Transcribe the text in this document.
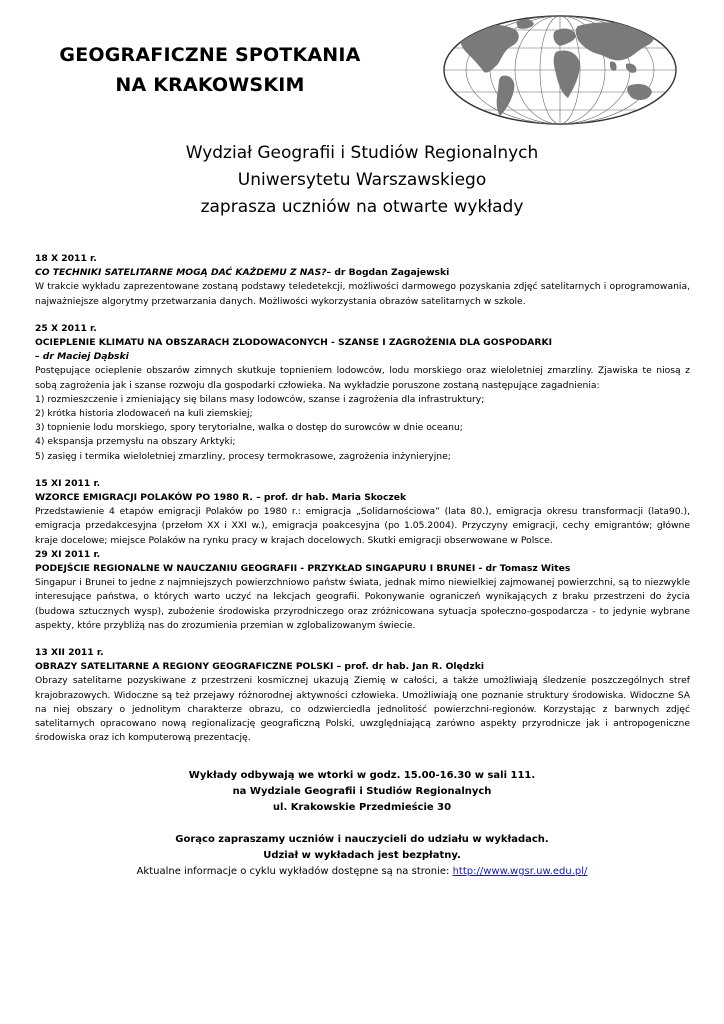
GEOGRAFICZNE SPOTKANIA
NA KRAKOWSKIM
Wydział Geografii i Studiów Regionalnych
Uniwersytetu Warszawskiego
zaprasza uczniów na otwarte wykłady
18 X 2011 r.
CO TECHNIKI SATELITARNE MOGĄ DAĆ KAŻDEMU Z NAS?– dr Bogdan Zagajewski
W trakcie wykładu zaprezentowane zostaną podstawy teledetekcji, możliwości darmowego pozyskania zdjęć satelitarnych i oprogramowania, najważniejsze algorytmy przetwarzania danych. Możliwości wykorzystania obrazów satelitarnych w szkole.
25 X 2011 r.
OCIEPLENIE KLIMATU NA OBSZARACH ZLODOWACONYCH - SZANSE I ZAGROŻENIA DLA GOSPODARKI
– dr Maciej Dąbski
Postępujące ocieplenie obszarów zimnych skutkuje topnieniem lodowców, lodu morskiego oraz wieloletniej zmarzliny. Zjawiska te niosą z sobą zagrożenia jak i szanse rozwoju dla gospodarki człowieka. Na wykładzie poruszone zostaną następujące zagadnienia:
1) rozmieszczenie i zmieniający się bilans masy lodowców, szanse i zagrożenia dla infrastruktury;
2) krótka historia zlodowaceń na kuli ziemskiej;
3) topnienie lodu morskiego, spory terytorialne, walka o dostęp do surowców w dnie oceanu;
4) ekspansja przemysłu na obszary Arktyki;
5) zasięg i termika wieloletniej zmarzliny, procesy termokrasowe, zagrożenia inżynieryjne;
15 XI 2011 r.
WZORCE EMIGRACJI POLAKÓW PO 1980 R. – prof. dr hab. Maria Skoczek
Przedstawienie 4 etapów emigracji Polaków po 1980 r.: emigracja „Solidarnościowa” (lata 80.), emigracja okresu transformacji (lata90.), emigracja przedakcesyjna (przełom XX i XXI w.), emigracja poakcesyjna (po 1.05.2004). Przyczyny emigracji, cechy emigrantów; główne kraje docelowe; miejsce Polaków na rynku pracy w krajach docelowych. Skutki emigracji obserwowane w Polsce.
29 XI 2011 r.
PODEJŚCIE REGIONALNE W NAUCZANIU GEOGRAFII - PRZYKŁAD SINGAPURU I BRUNEI - dr Tomasz Wites
Singapur i Brunei to jedne z najmniejszych powierzchniowo państw świata, jednak mimo niewielkiej zajmowanej powierzchni, są to niezwykle interesujące państwa, o których warto uczyć na lekcjach geografii. Pokonywanie ograniczeń wynikających z braku przestrzeni do życia (budowa sztucznych wysp), zubożenie środowiska przyrodniczego oraz zróżnicowana sytuacja społeczno-gospodarcza - to jedynie wybrane aspekty, które przybliżą nas do zrozumienia przemian w zglobalizowanym świecie.
13 XII 2011 r.
OBRAZY SATELITARNE A REGIONY GEOGRAFICZNE POLSKI – prof. dr hab. Jan R. Olędzki
Obrazy satelitarne pozyskiwane z przestrzeni kosmicznej ukazują Ziemię w całości, a także umożliwiają śledzenie poszczególnych stref krajobrazowych. Widoczne są też przejawy różnorodnej aktywności człowieka. Umożliwiają one poznanie struktury środowiska. Widoczne SA na niej obszary o jednolitym charakterze obrazu, co odzwierciedla jednolitość powierzchni-regionów. Korzystając z barwnych zdjęć satelitarnych opracowano nową regionalizację geograficzną Polski, uwzględniającą zarówno aspekty przyrodnicze jak i antropogeniczne środowiska oraz ich komputerową prezentację.
Wykłady odbywają we wtorki w godz. 15.00-16.30 w sali 111.
na Wydziale Geografii i Studiów Regionalnych
ul. Krakowskie Przedmieście 30
Gorąco zapraszamy uczniów i nauczycieli do udziału w wykładach.
Udział w wykładach jest bezpłatny.
Aktualne informacje o cyklu wykładów dostępne są na stronie: http://www.wgsr.uw.edu.pl/
